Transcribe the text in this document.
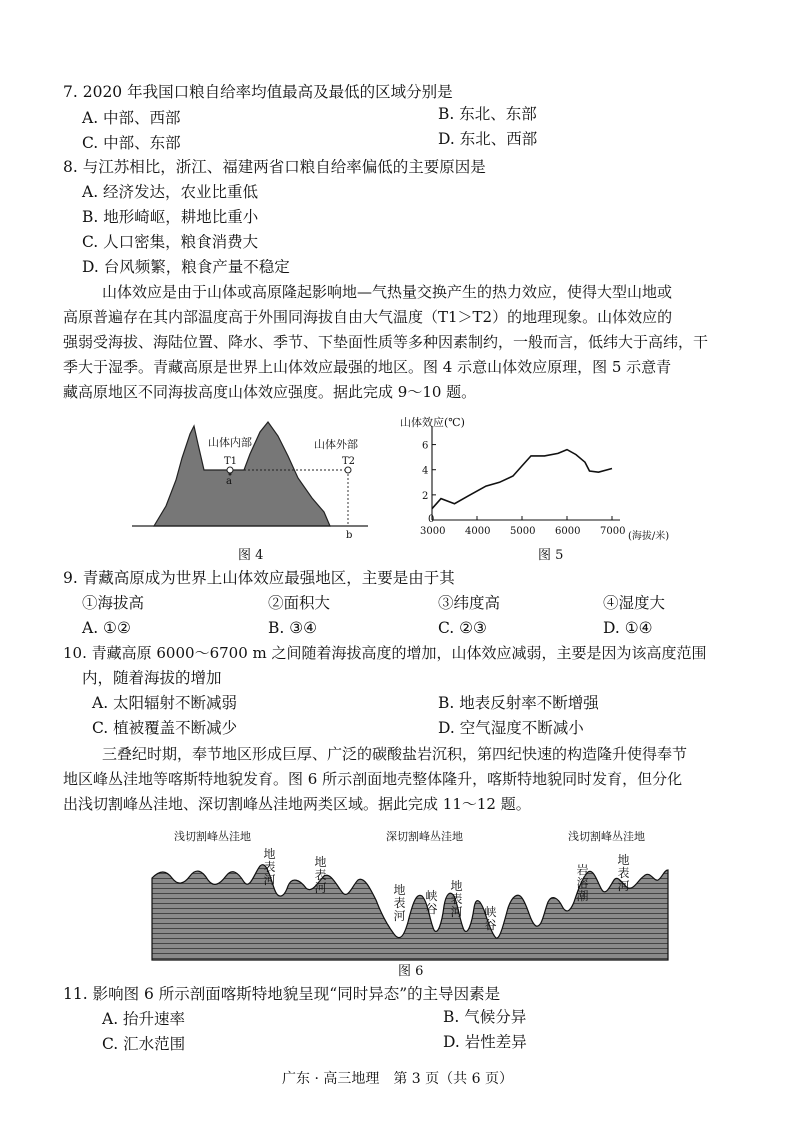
7. 2020 年我国口粮自给率均值最高及最低的区域分别是
A. 中部、西部	B. 东北、东部
C. 中部、东部	D. 东北、西部
8. 与江苏相比，浙江、福建两省口粮自给率偏低的主要原因是
A. 经济发达，农业比重低
B. 地形崎岖，耕地比重小
C. 人口密集，粮食消费大
D. 台风频繁，粮食产量不稳定
山体效应是由于山体或高原隆起影响地—气热量交换产生的热力效应，使得大型山地或
高原普遍存在其内部温度高于外围同海拔自由大气温度（T1＞T2）的地理现象。山体效应的
强弱受海拔、海陆位置、降水、季节、下垫面性质等多种因素制约，一般而言，低纬大于高纬，干
季大于湿季。青藏高原是世界上山体效应最强的地区。图 4 示意山体效应原理，图 5 示意青
藏高原地区不同海拔高度山体效应强度。据此完成 9～10 题。
山体内部	山体外部
T1	T2
a
b
图 4
山体效应(℃)
(海拔/米)
2
4
6
0
3000 4000 5000 6000 7000
图 5
9. 青藏高原成为世界上山体效应最强地区，主要是由于其
①海拔高	②面积大	③纬度高	④湿度大
A. ①②	B. ③④	C. ②③	D. ①④
10. 青藏高原 6000～6700 m 之间随着海拔高度的增加，山体效应减弱，主要是因为该高度范围
内，随着海拔的增加
A. 太阳辐射不断减弱	B. 地表反射率不断增强
C. 植被覆盖不断减少	D. 空气湿度不断减小
三叠纪时期，奉节地区形成巨厚、广泛的碳酸盐岩沉积，第四纪快速的构造隆升使得奉节
地区峰丛洼地等喀斯特地貌发育。图 6 所示剖面地壳整体隆升，喀斯特地貌同时发育，但分化
出浅切割峰丛洼地、深切割峰丛洼地两类区域。据此完成 11～12 题。
浅切割峰丛洼地	深切割峰丛洼地	浅切割峰丛洼地
地
表
河
地
表
河	地
表
河
峡
谷
地
表
河 峡
谷
岩
溶
潮
地
表
河
图 6
11. 影响图 6 所示剖面喀斯特地貌呈现“同时异态”的主导因素是
A. 抬升速率	B. 气候分异
C. 汇水范围	D. 岩性差异
广东 · 高三地理　第 3 页（共 6 页）
